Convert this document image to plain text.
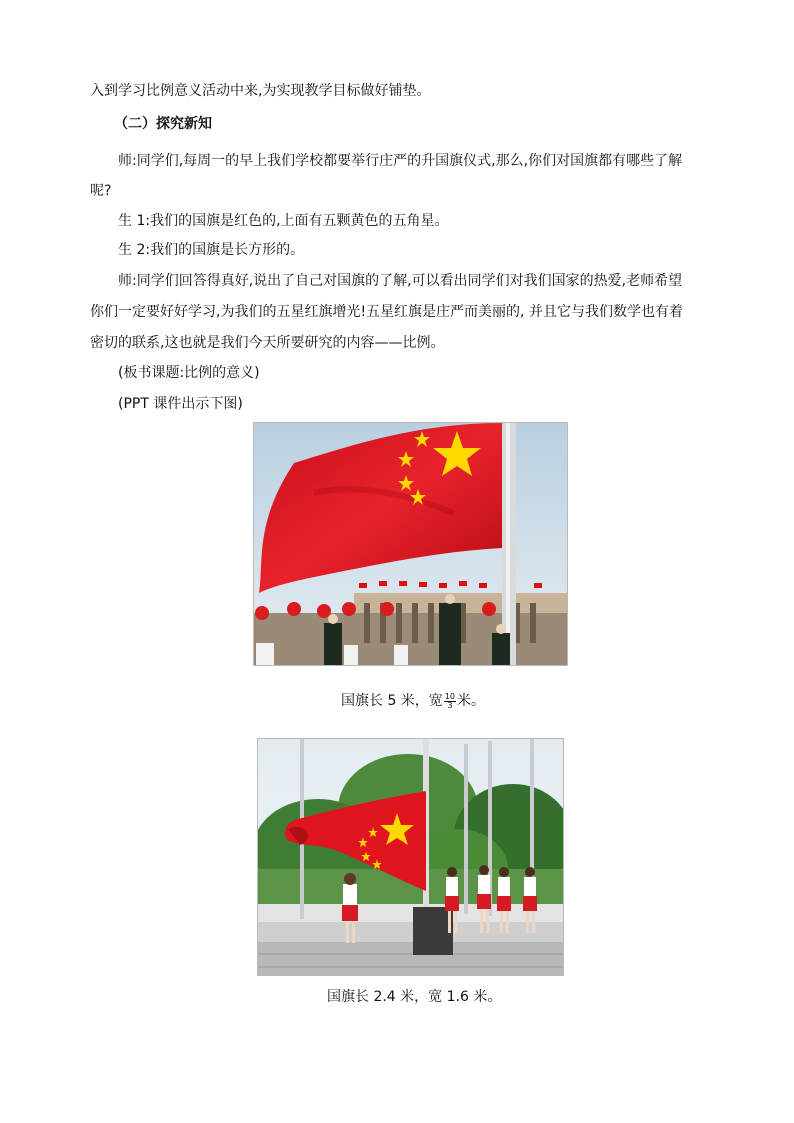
入到学习比例意义活动中来,为实现教学目标做好铺垫。
（二）探究新知
师:同学们,每周一的早上我们学校都要举行庄严的升国旗仪式,那么,你们对国旗都有哪些了解
呢?
生 1:我们的国旗是红色的,上面有五颗黄色的五角星。
生 2:我们的国旗是长方形的。
师:同学们回答得真好,说出了自己对国旗的了解,可以看出同学们对我们国家的热爱,老师希望
你们一定要好好学习,为我们的五星红旗增光!五星红旗是庄严而美丽的, 并且它与我们数学也有着
密切的联系,这也就是我们今天所要研究的内容——比例。
(板书课题:比例的意义)
(PPT 课件出示下图)
国旗长 5 米，宽 $\frac{10}{3}$ 米。
国旗长 2.4 米，宽 1.6 米。
